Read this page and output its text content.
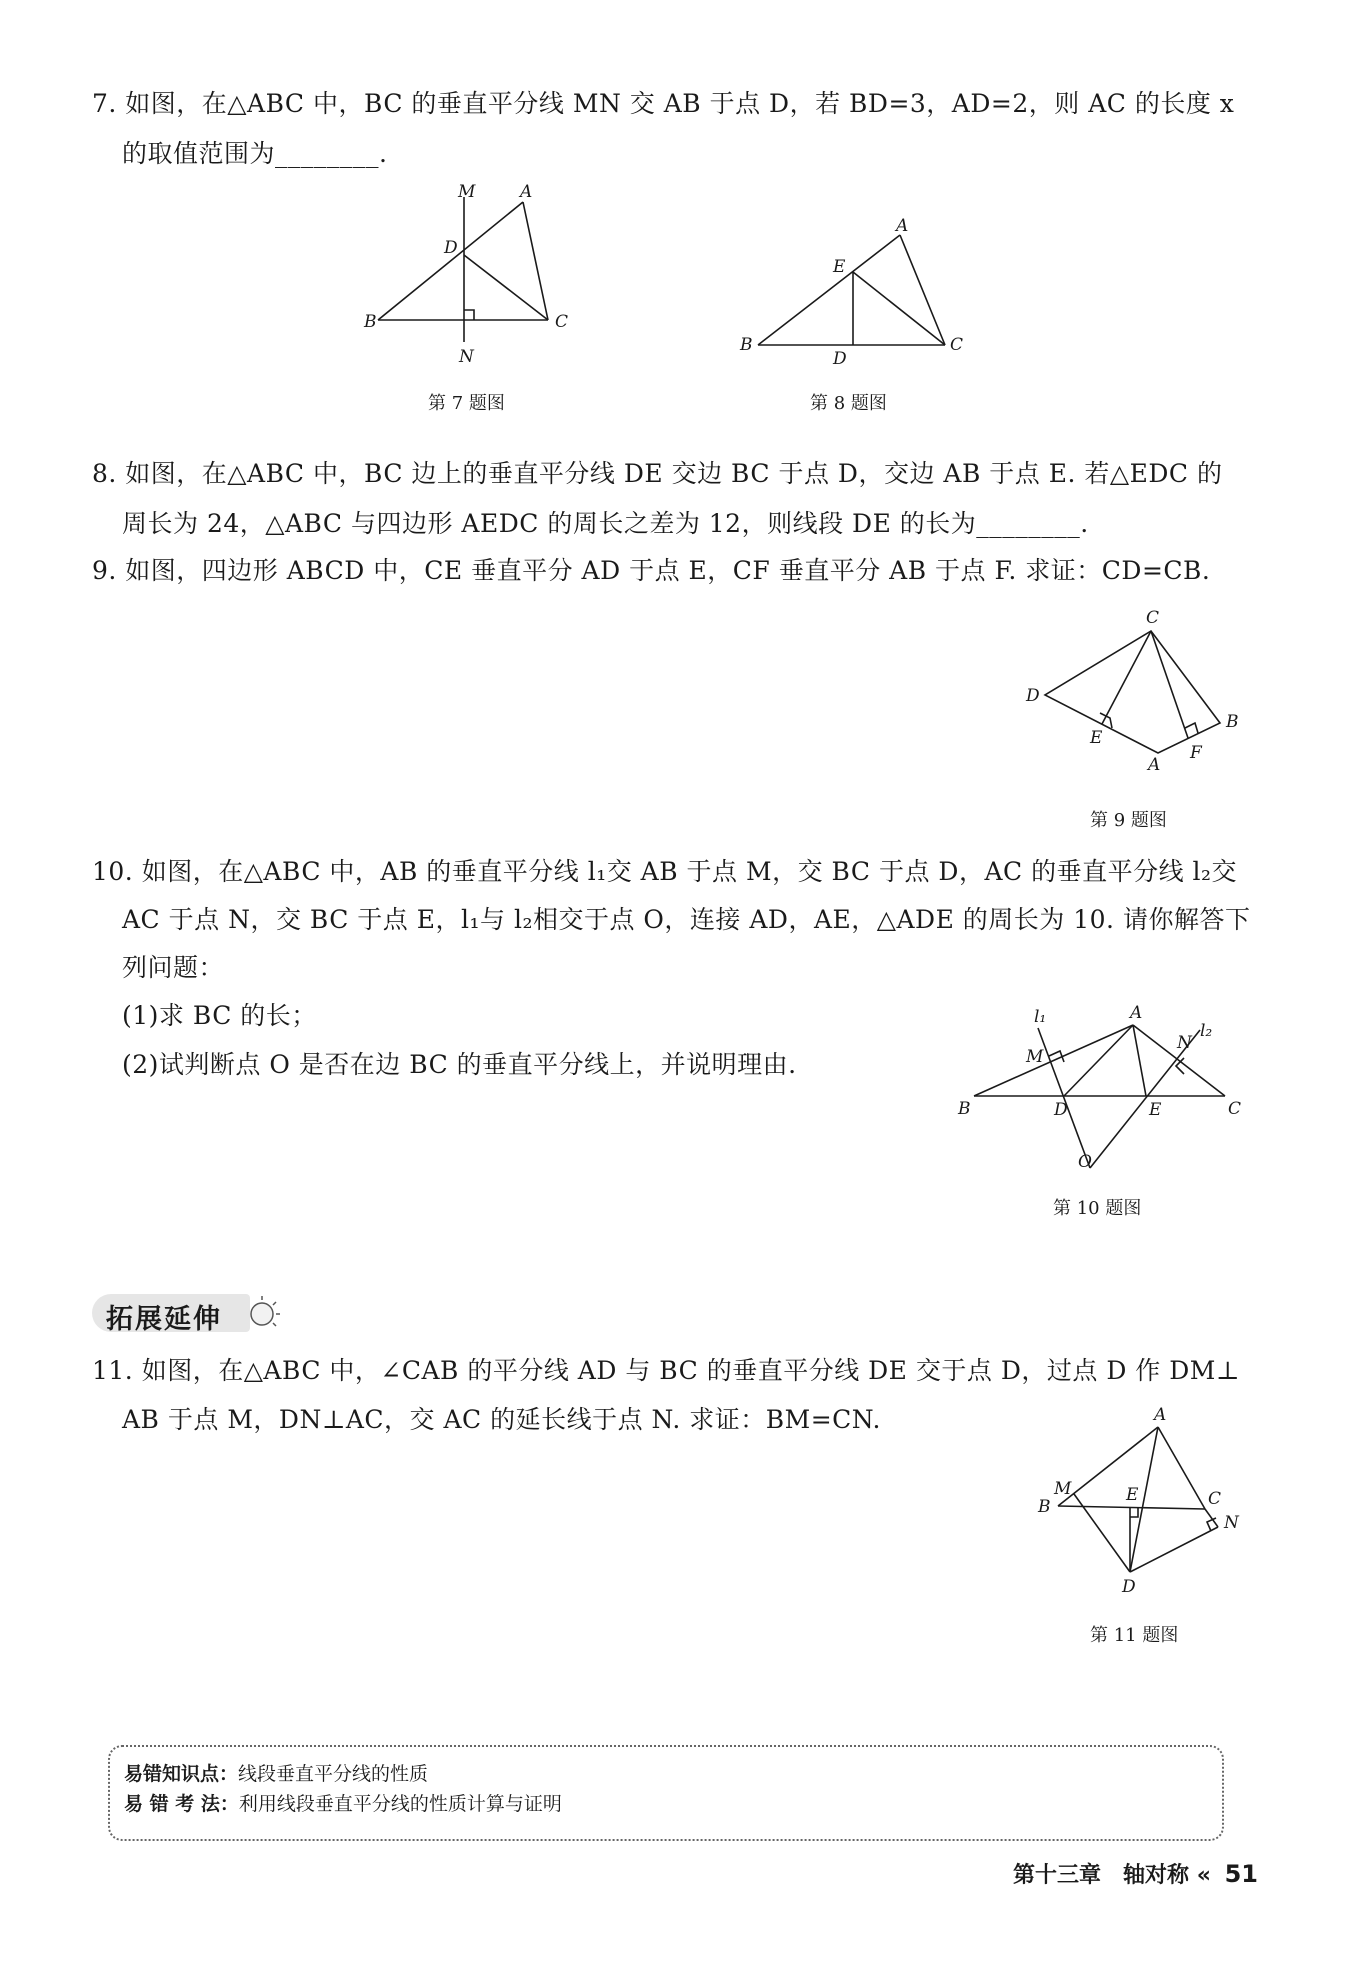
7. 如图，在△ABC 中，BC 的垂直平分线 MN 交 AB 于点 D，若 BD=3，AD=2，则 AC 的长度 x
的取值范围为________.
M	A
D
B	C
N
第 7 题图
A
E
B
D
C
第 8 题图
8. 如图，在△ABC 中，BC 边上的垂直平分线 DE 交边 BC 于点 D，交边 AB 于点 E. 若△EDC 的
周长为 24，△ABC 与四边形 AEDC 的周长之差为 12，则线段 DE 的长为________.
9. 如图，四边形 ABCD 中，CE 垂直平分 AD 于点 E，CF 垂直平分 AB 于点 F. 求证：CD=CB.
C
D
E
A
F
B
第 9 题图
10. 如图，在△ABC 中，AB 的垂直平分线 l₁交 AB 于点 M，交 BC 于点 D，AC 的垂直平分线 l₂交
AC 于点 N，交 BC 于点 E，l₁与 l₂相交于点 O，连接 AD，AE，△ADE 的周长为 10. 请你解答下
列问题：
(1)求 BC 的长；
(2)试判断点 O 是否在边 BC 的垂直平分线上，并说明理由.
l₁	A
l₂
M
N
B	D	E	C
O
第 10 题图
拓展延伸
11. 如图，在△ABC 中，∠CAB 的平分线 AD 与 BC 的垂直平分线 DE 交于点 D，过点 D 作 DM⊥
AB 于点 M，DN⊥AC，交 AC 的延长线于点 N. 求证：BM=CN.	A
M	E	C
B
N
D
第 11 题图
易错知识点：线段垂直平分线的性质
易 错 考 法：利用线段垂直平分线的性质计算与证明
第十三章　轴对称 « 51
